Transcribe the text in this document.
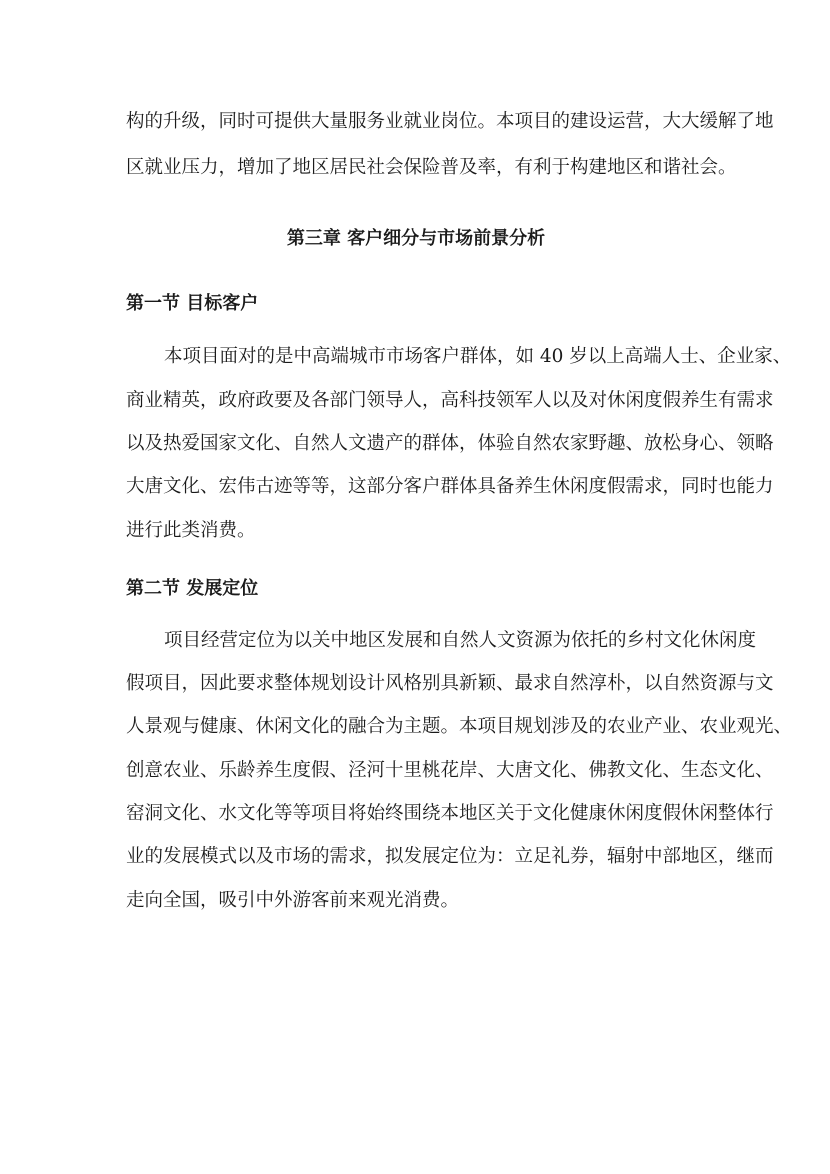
构的升级，同时可提供大量服务业就业岗位。本项目的建设运营，大大缓解了地
区就业压力，增加了地区居民社会保险普及率，有利于构建地区和谐社会。
第三章 客户细分与市场前景分析
第一节 目标客户
本项目面对的是中高端城市市场客户群体，如 40 岁以上高端人士、企业家、
商业精英，政府政要及各部门领导人，高科技领军人以及对休闲度假养生有需求
以及热爱国家文化、自然人文遗产的群体，体验自然农家野趣、放松身心、领略
大唐文化、宏伟古迹等等，这部分客户群体具备养生休闲度假需求，同时也能力
进行此类消费。
第二节 发展定位
项目经营定位为以关中地区发展和自然人文资源为依托的乡村文化休闲度
假项目，因此要求整体规划设计风格别具新颖、最求自然淳朴，以自然资源与文
人景观与健康、休闲文化的融合为主题。本项目规划涉及的农业产业、农业观光、
创意农业、乐龄养生度假、泾河十里桃花岸、大唐文化、佛教文化、生态文化、
窑洞文化、水文化等等项目将始终围绕本地区关于文化健康休闲度假休闲整体行
业的发展模式以及市场的需求，拟发展定位为：立足礼券，辐射中部地区，继而
走向全国，吸引中外游客前来观光消费。
